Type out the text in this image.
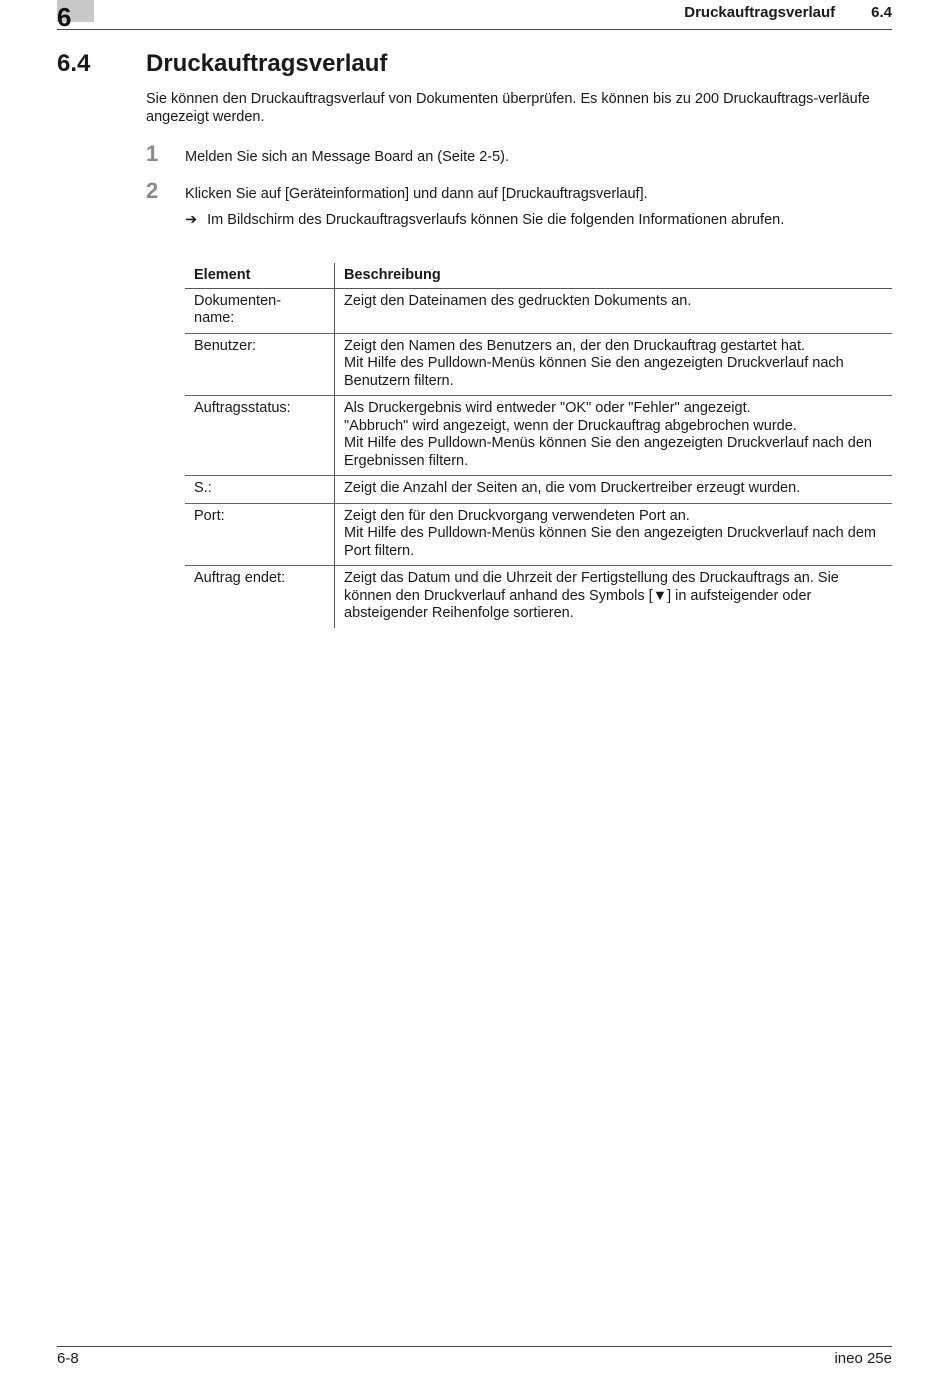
6	Druckauftragsverlauf 6.4
6.4	Druckauftragsverlauf
Sie können den Druckauftragsverlauf von Dokumenten überprüfen. Es können bis zu 200 Druckauftrags-verläufe angezeigt werden.
1	Melden Sie sich an Message Board an (Seite 2-5).
2	Klicken Sie auf [Geräteinformation] und dann auf [Druckauftragsverlauf].
➔ Im Bildschirm des Druckauftragsverlaufs können Sie die folgenden Informationen abrufen.
Element	Beschreibung
Dokumenten-
name:	Zeigt den Dateinamen des gedruckten Dokuments an.
Benutzer:	Zeigt den Namen des Benutzers an, der den Druckauftrag gestartet hat.
Mit Hilfe des Pulldown-Menüs können Sie den angezeigten Druckverlauf nach Benutzern filtern.
Auftragsstatus:	Als Druckergebnis wird entweder "OK" oder "Fehler" angezeigt.
"Abbruch" wird angezeigt, wenn der Druckauftrag abgebrochen wurde.
Mit Hilfe des Pulldown-Menüs können Sie den angezeigten Druckverlauf nach den Ergebnissen filtern.
S.:	Zeigt die Anzahl der Seiten an, die vom Druckertreiber erzeugt wurden.
Port:	Zeigt den für den Druckvorgang verwendeten Port an.
Mit Hilfe des Pulldown-Menüs können Sie den angezeigten Druckverlauf nach dem Port filtern.
Auftrag endet:	Zeigt das Datum und die Uhrzeit der Fertigstellung des Druckauftrags an. Sie können den Druckverlauf anhand des Symbols [▼] in aufsteigender oder absteigender Reihenfolge sortieren.
6-8	ineo 25e
